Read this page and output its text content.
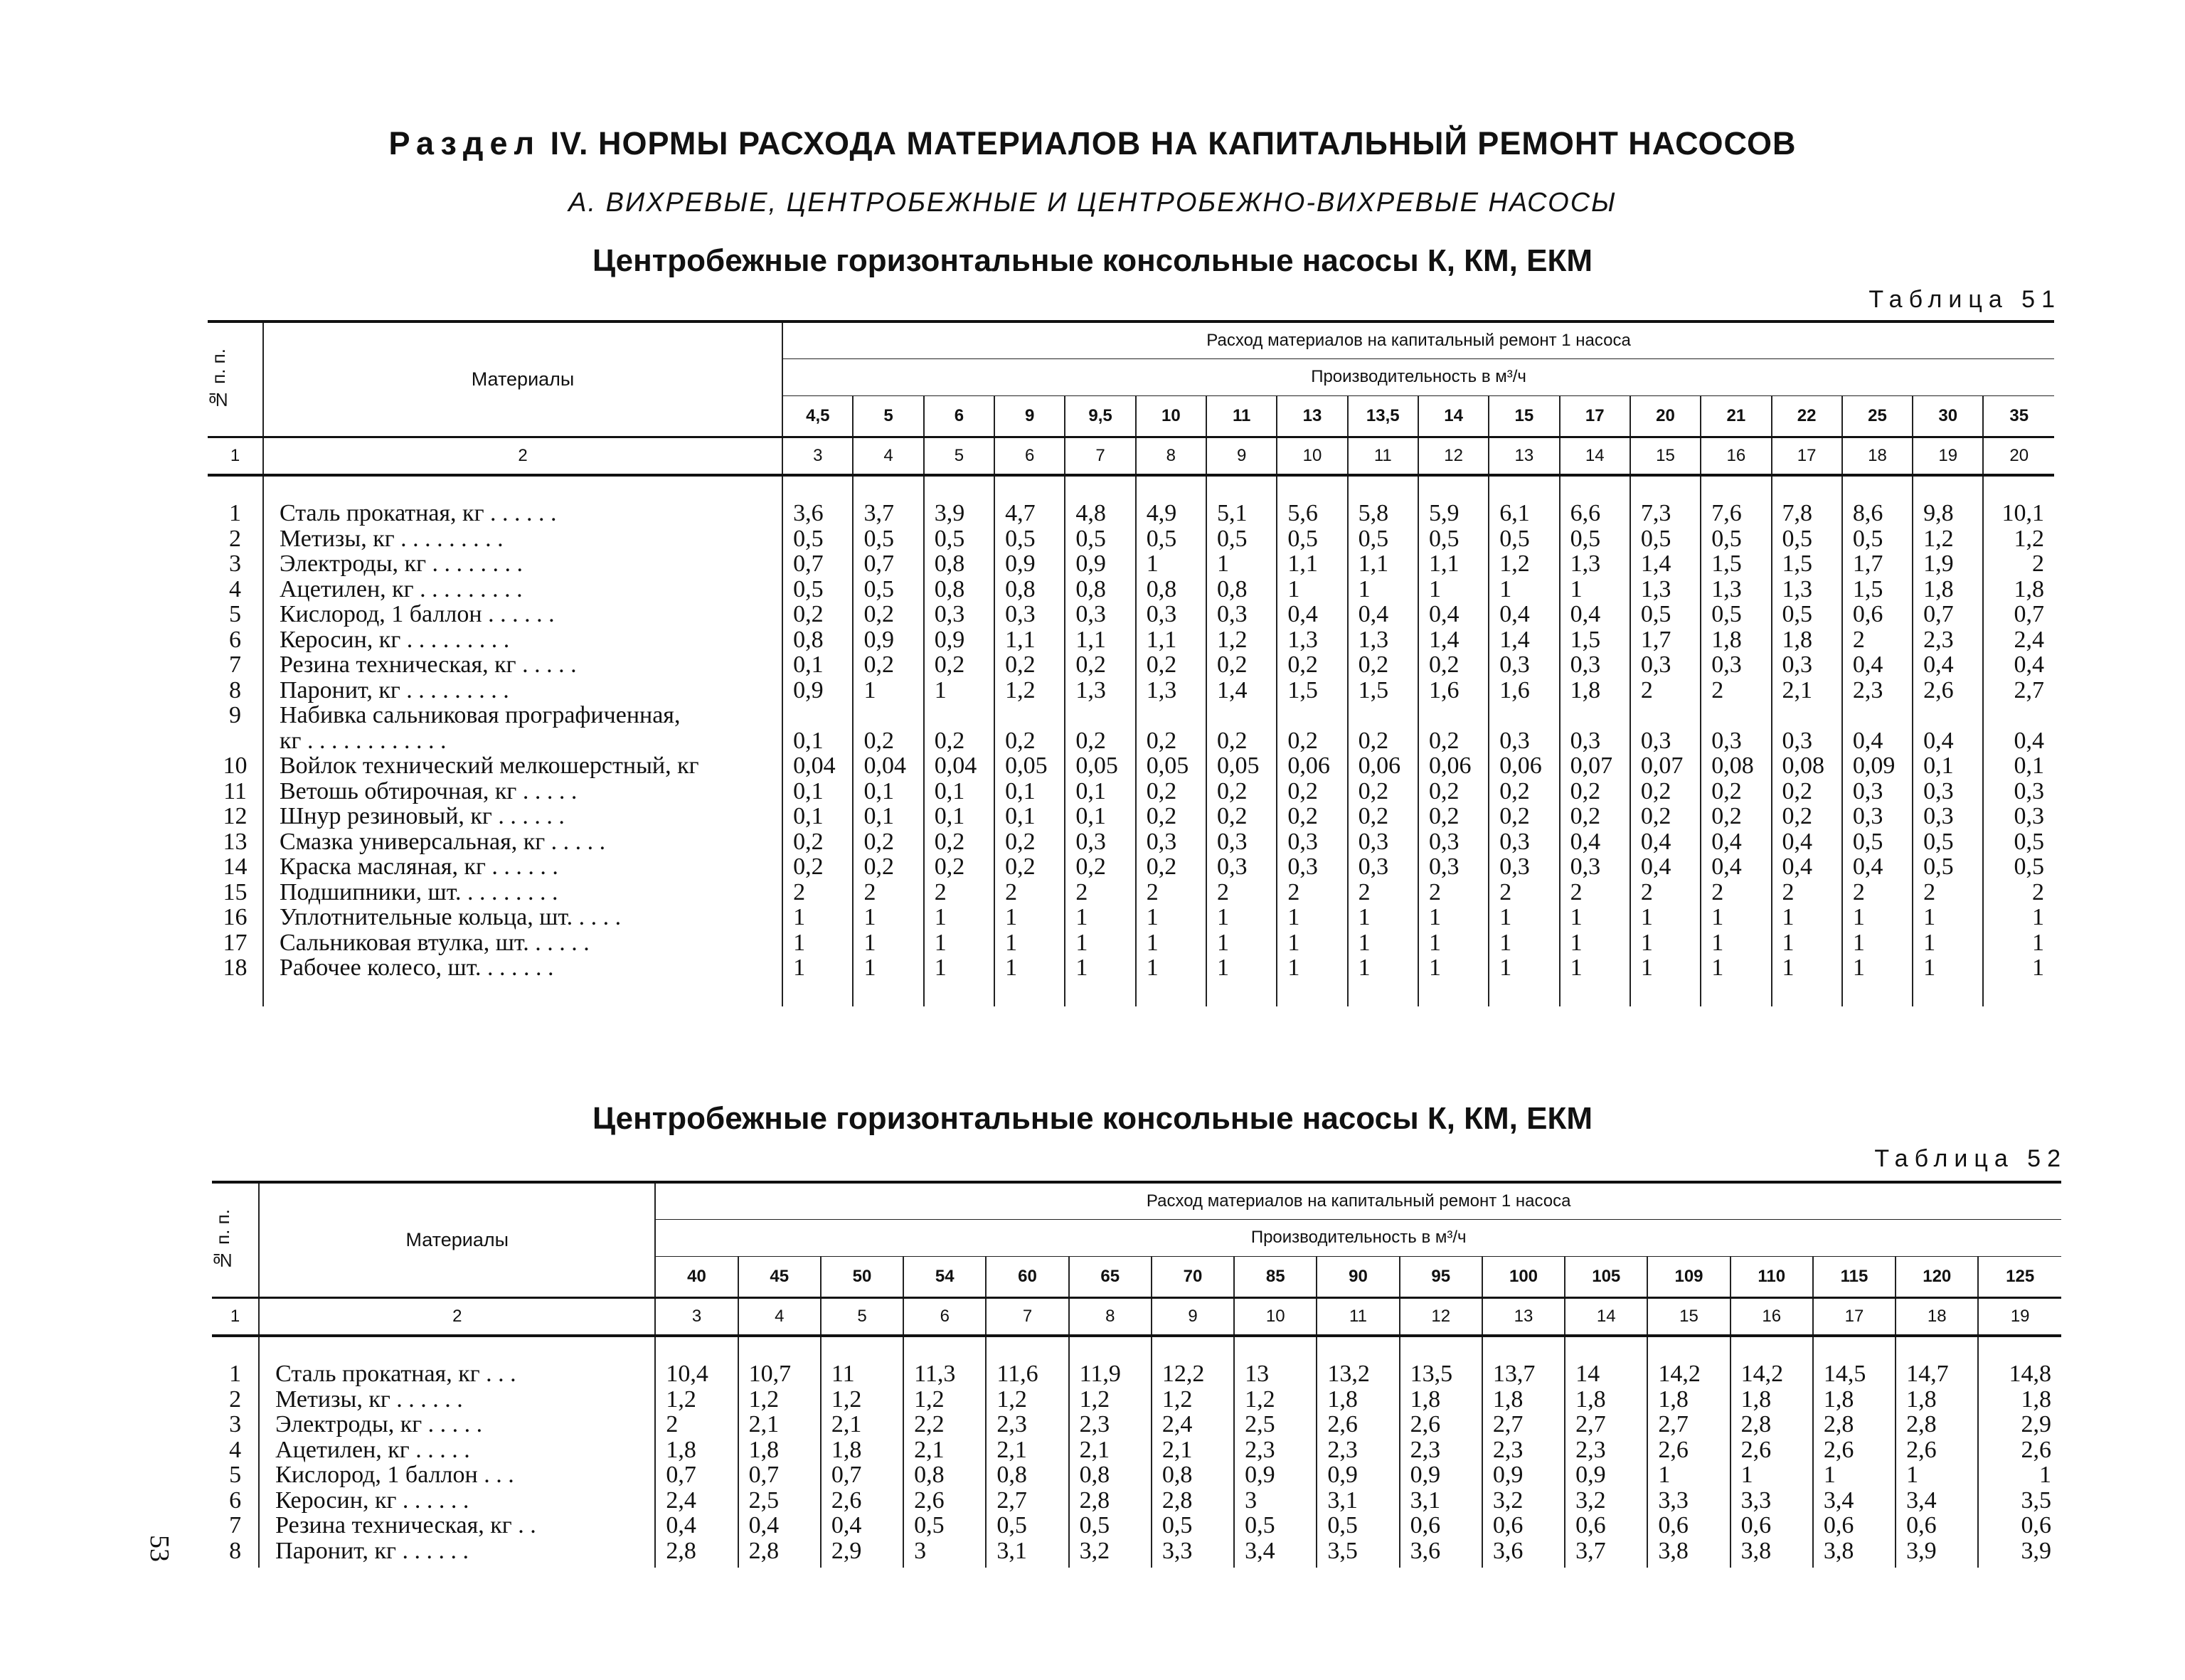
Раздел IV. НОРМЫ РАСХОДА МАТЕРИАЛОВ НА КАПИТАЛЬНЫЙ РЕМОНТ НАСОСОВ
А. ВИХРЕВЫЕ, ЦЕНТРОБЕЖНЫЕ И ЦЕНТРОБЕЖНО-ВИХРЕВЫЕ НАСОСЫ
Центробежные горизонтальные консольные насосы К, КМ, ЕКМ
Таблица 51
№ п. п.	Материалы	Расход материалов на капитальный ремонт 1 насоса																	
		Производительность в м³/ч																	
		4,5	5	6	9	9,5	10	11	13	13,5	14	15	17	20	21	22	25	30	35
1	2	3	4	5	6	7	8	9	10	11	12	13	14	15	16	17	18	19	20

1	Сталь прокатная, кг . . . . . .	3,6	3,7	3,9	4,7	4,8	4,9	5,1	5,6	5,8	5,9	6,1	6,6	7,3	7,6	7,8	8,6	9,8	10,1

2	Метизы, кг . . . . . . . . .	0,5	0,5	0,5	0,5	0,5	0,5	0,5	0,5	0,5	0,5	0,5	0,5	0,5	0,5	0,5	0,5	1,2	1,2

3	Электроды, кг . . . . . . . .	0,7	0,7	0,8	0,9	0,9	1	1	1,1	1,1	1,1	1,2	1,3	1,4	1,5	1,5	1,7	1,9	2

4	Ацетилен, кг . . . . . . . . .	0,5	0,5	0,8	0,8	0,8	0,8	0,8	1	1	1	1	1	1,3	1,3	1,3	1,5	1,8	1,8

5	Кислород, 1 баллон . . . . . .	0,2	0,2	0,3	0,3	0,3	0,3	0,3	0,4	0,4	0,4	0,4	0,4	0,5	0,5	0,5	0,6	0,7	0,7

6	Керосин, кг . . . . . . . . .	0,8	0,9	0,9	1,1	1,1	1,1	1,2	1,3	1,3	1,4	1,4	1,5	1,7	1,8	1,8	2	2,3	2,4

7	Резина техническая, кг . . . . .	0,1	0,2	0,2	0,2	0,2	0,2	0,2	0,2	0,2	0,2	0,3	0,3	0,3	0,3	0,3	0,4	0,4	0,4

8	Паронит, кг . . . . . . . . .	0,9	1	1	1,2	1,3	1,3	1,4	1,5	1,5	1,6	1,6	1,8	2	2	2,1	2,3	2,6	2,7

9	Набивка сальниковая прографиченная,
кг . . . . . . . . . . . .	0,1	0,2	0,2	0,2	0,2	0,2	0,2	0,2	0,2	0,2	0,3	0,3	0,3	0,3	0,3	0,4	0,4	0,4

10	Войлок технический мелкошерстный, кг	0,04	0,04	0,04	0,05	0,05	0,05	0,05	0,06	0,06	0,06	0,06	0,07	0,07	0,08	0,08	0,09	0,1	0,1

11	Ветошь обтирочная, кг . . . . .	0,1	0,1	0,1	0,1	0,1	0,2	0,2	0,2	0,2	0,2	0,2	0,2	0,2	0,2	0,2	0,3	0,3	0,3

12	Шнур резиновый, кг . . . . . .	0,1	0,1	0,1	0,1	0,1	0,2	0,2	0,2	0,2	0,2	0,2	0,2	0,2	0,2	0,2	0,3	0,3	0,3

13	Смазка универсальная, кг . . . . .	0,2	0,2	0,2	0,2	0,3	0,3	0,3	0,3	0,3	0,3	0,3	0,4	0,4	0,4	0,4	0,5	0,5	0,5

14	Краска масляная, кг . . . . . .	0,2	0,2	0,2	0,2	0,2	0,2	0,3	0,3	0,3	0,3	0,3	0,3	0,4	0,4	0,4	0,4	0,5	0,5

15	Подшипники, шт. . . . . . . . .	2	2	2	2	2	2	2	2	2	2	2	2	2	2	2	2	2	2

16	Уплотнительные кольца, шт. . . . .	1	1	1	1	1	1	1	1	1	1	1	1	1	1	1	1	1	1

17	Сальниковая втулка, шт. . . . . .	1	1	1	1	1	1	1	1	1	1	1	1	1	1	1	1	1	1

18	Рабочее колесо, шт. . . . . . .	1	1	1	1	1	1	1	1	1	1	1	1	1	1	1	1	1	1

Центробежные горизонтальные консольные насосы К, КМ, ЕКМ
Таблица 52
№ п. п.	Материалы	Расход материалов на капитальный ремонт 1 насоса																
		Производительность в м³/ч																
		40	45	50	54	60	65	70	85	90	95	100	105	109	110	115	120	125
1	2	3	4	5	6	7	8	9	10	11	12	13	14	15	16	17	18	19

1	Сталь прокатная, кг . . .	10,4	10,7	11	11,3	11,6	11,9	12,2	13	13,2	13,5	13,7	14	14,2	14,2	14,5	14,7	14,8

2	Метизы, кг . . . . . .	1,2	1,2	1,2	1,2	1,2	1,2	1,2	1,2	1,8	1,8	1,8	1,8	1,8	1,8	1,8	1,8	1,8

3	Электроды, кг . . . . .	2	2,1	2,1	2,2	2,3	2,3	2,4	2,5	2,6	2,6	2,7	2,7	2,7	2,8	2,8	2,8	2,9

4	Ацетилен, кг . . . . .	1,8	1,8	1,8	2,1	2,1	2,1	2,1	2,3	2,3	2,3	2,3	2,3	2,6	2,6	2,6	2,6	2,6

5	Кислород, 1 баллон . . .	0,7	0,7	0,7	0,8	0,8	0,8	0,8	0,9	0,9	0,9	0,9	0,9	1	1	1	1	1

6	Керосин, кг . . . . . .	2,4	2,5	2,6	2,6	2,7	2,8	2,8	3	3,1	3,1	3,2	3,2	3,3	3,3	3,4	3,4	3,5

7	Резина техническая, кг . .	0,4	0,4	0,4	0,5	0,5	0,5	0,5	0,5	0,5	0,6	0,6	0,6	0,6	0,6	0,6	0,6	0,6

8	Паронит, кг . . . . . .	2,8	2,8	2,9	3	3,1	3,2	3,3	3,4	3,5	3,6	3,6	3,7	3,8	3,8	3,8	3,9	3,9

53
